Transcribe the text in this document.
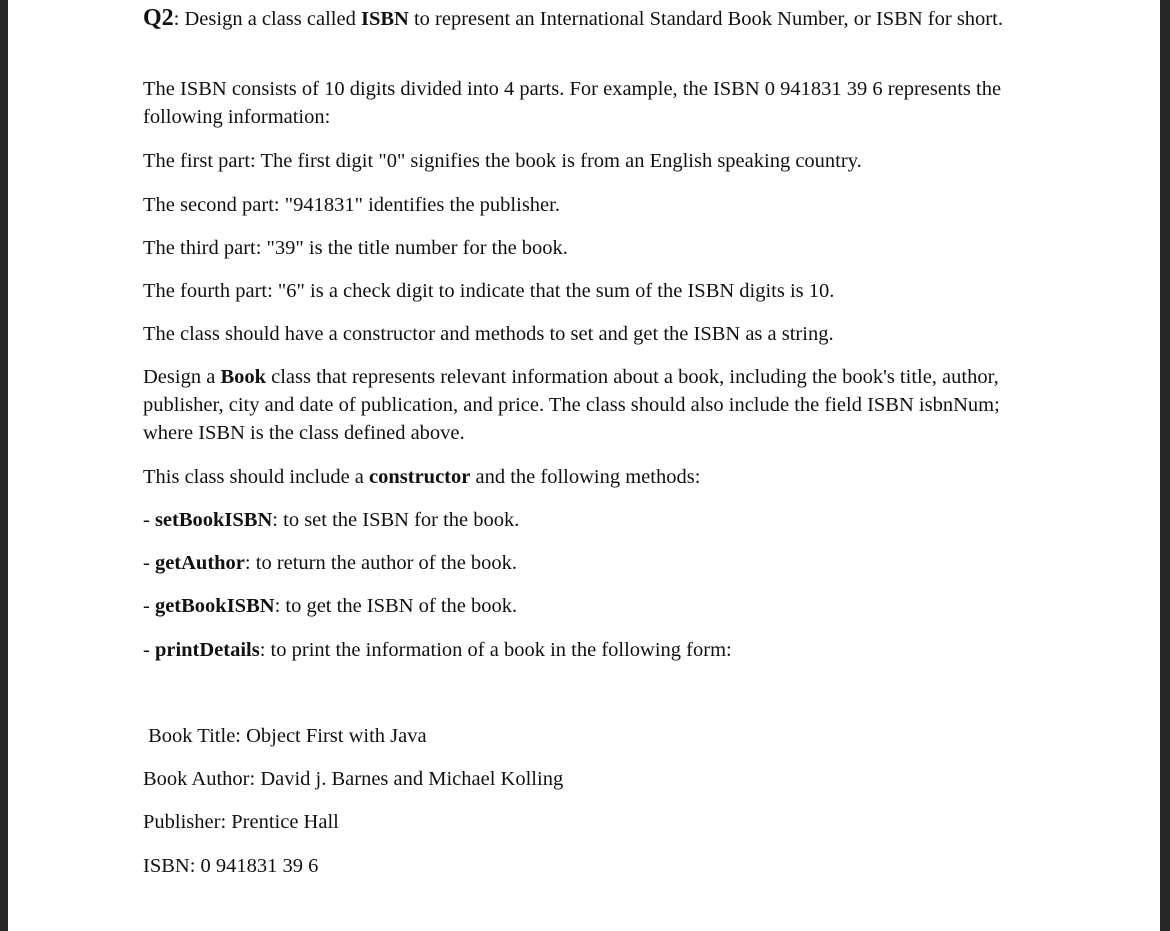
Q2: Design a class called ISBN to represent an International Standard Book Number, or ISBN for short.

The ISBN consists of 10 digits divided into 4 parts. For example, the ISBN 0 941831 39 6 represents the following information:

The first part: The first digit "0" signifies the book is from an English speaking country.

The second part: "941831" identifies the publisher.

The third part: "39" is the title number for the book.

The fourth part: "6" is a check digit to indicate that the sum of the ISBN digits is 10.

The class should have a constructor and methods to set and get the ISBN as a string.

Design a Book class that represents relevant information about a book, including the book's title, author, publisher, city and date of publication, and price. The class should also include the field ISBN isbnNum; where ISBN is the class defined above.

This class should include a constructor and the following methods:

- setBookISBN: to set the ISBN for the book.

- getAuthor: to return the author of the book.

- getBookISBN: to get the ISBN of the book.

- printDetails: to print the information of a book in the following form:

Book Title: Object First with Java

Book Author: David j. Barnes and Michael Kolling

Publisher: Prentice Hall

ISBN: 0 941831 39 6
